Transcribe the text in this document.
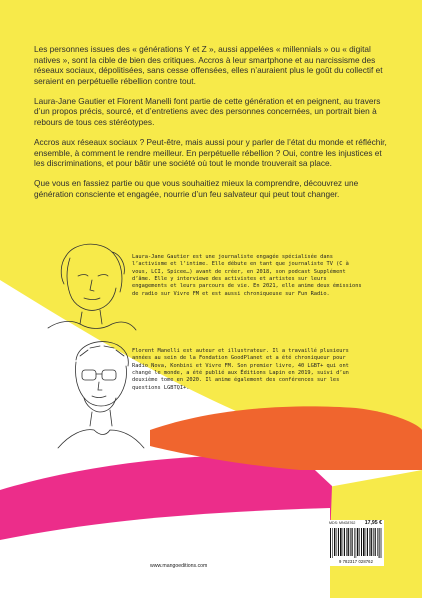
Les personnes issues des « générations Y et Z », aussi appelées « millennials » ou « digital natives », sont la cible de bien des critiques. Accros à leur smartphone et au narcissisme des réseaux sociaux, dépolitisées, sans cesse offensées, elles n’auraient plus le goût du collectif et seraient en perpétuelle rébellion contre tout.

Laura-Jane Gautier et Florent Manelli font partie de cette génération et en peignent, au travers d’un propos précis, sourcé, et d’entretiens avec des personnes concernées, un portrait bien à rebours de tous ces stéréotypes.

Accros aux réseaux sociaux ? Peut-être, mais aussi pour y parler de l’état du monde et réfléchir, ensemble, à comment le rendre meilleur. En perpétuelle rébellion ? Oui, contre les injustices et les discriminations, et pour bâtir une société où tout le monde trouverait sa place.

Que vous en fassiez partie ou que vous souhaitiez mieux la comprendre, découvrez une génération consciente et engagée, nourrie d’un feu salvateur qui peut tout changer.

Laura-Jane Gautier est une journaliste engagée spécialisée dans l’activisme et l’intime. Elle débute en tant que journaliste TV (C à vous, LCI, Spicee…) avant de créer, en 2018, son podcast Supplément d’âme. Elle y interviewe des activistes et artistes sur leurs engagements et leurs parcours de vie. En 2021, elle anime deux émissions de radio sur Vivre FM et est aussi chroniqueuse sur Fun Radio.
Florent Manelli est auteur et illustrateur. Il a travaillé plusieurs années au sein de la Fondation GoodPlanet et a été chroniqueur pour Radio Nova, Konbini et Vivre FM. Son premier livre, 40 LGBT+ qui ont changé le monde, a été publié aux Éditions Lapin en 2019, suivi d’un deuxième tome en 2020. Il anime également des conférences sur les questions LGBTQI+.
MDS: MNG8762 17,95 €
9 782317 028762
www.mangoeditions.com
